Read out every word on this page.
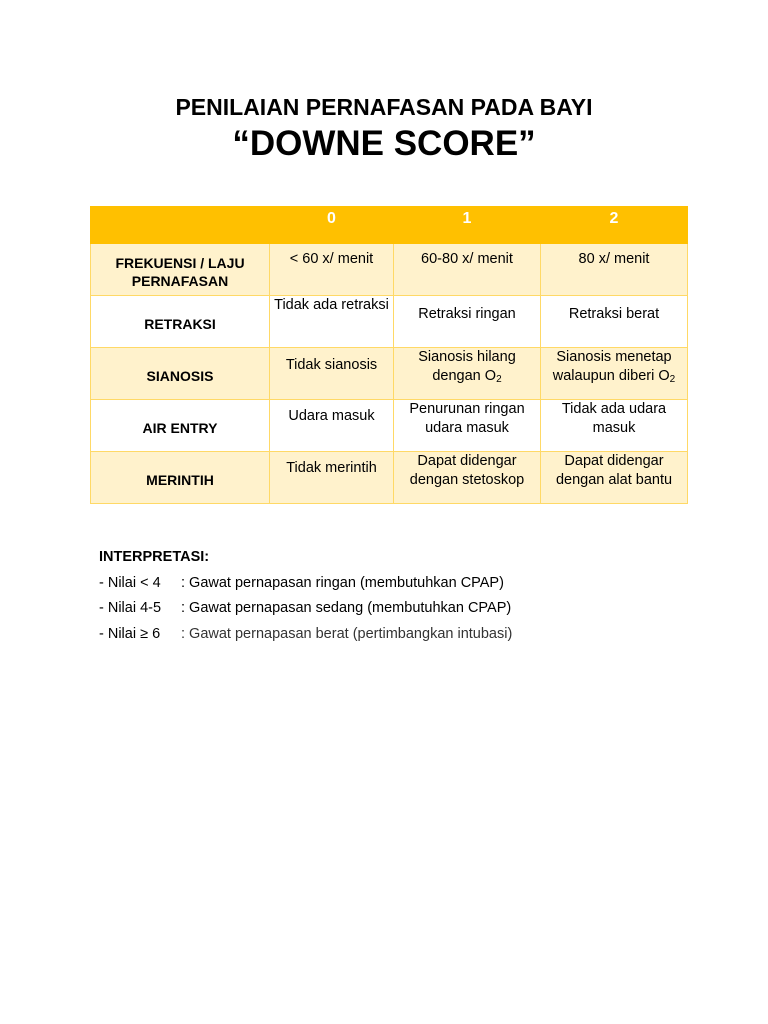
PENILAIAN PERNAFASAN PADA BAYI
“DOWNE SCORE”
	0	1	2
FREKUENSI / LAJU PERNAFASAN	< 60 x/ menit	60-80 x/ menit	80 x/ menit
RETRAKSI	Tidak ada retraksi	Retraksi ringan	Retraksi berat
SIANOSIS	Tidak sianosis	Sianosis hilang dengan $O_2$	Sianosis menetap walaupun diberi $O_2$
AIR ENTRY	Udara masuk	Penurunan ringan udara masuk	Tidak ada udara masuk
MERINTIH	Tidak merintih	Dapat didengar dengan stetoskop	Dapat didengar dengan alat bantu
INTERPRETASI:
- Nilai < 4 : Gawat pernapasan ringan (membutuhkan CPAP)
- Nilai 4-5 : Gawat pernapasan sedang (membutuhkan CPAP)
- Nilai ≥ 6 : Gawat pernapasan berat (pertimbangkan intubasi)
